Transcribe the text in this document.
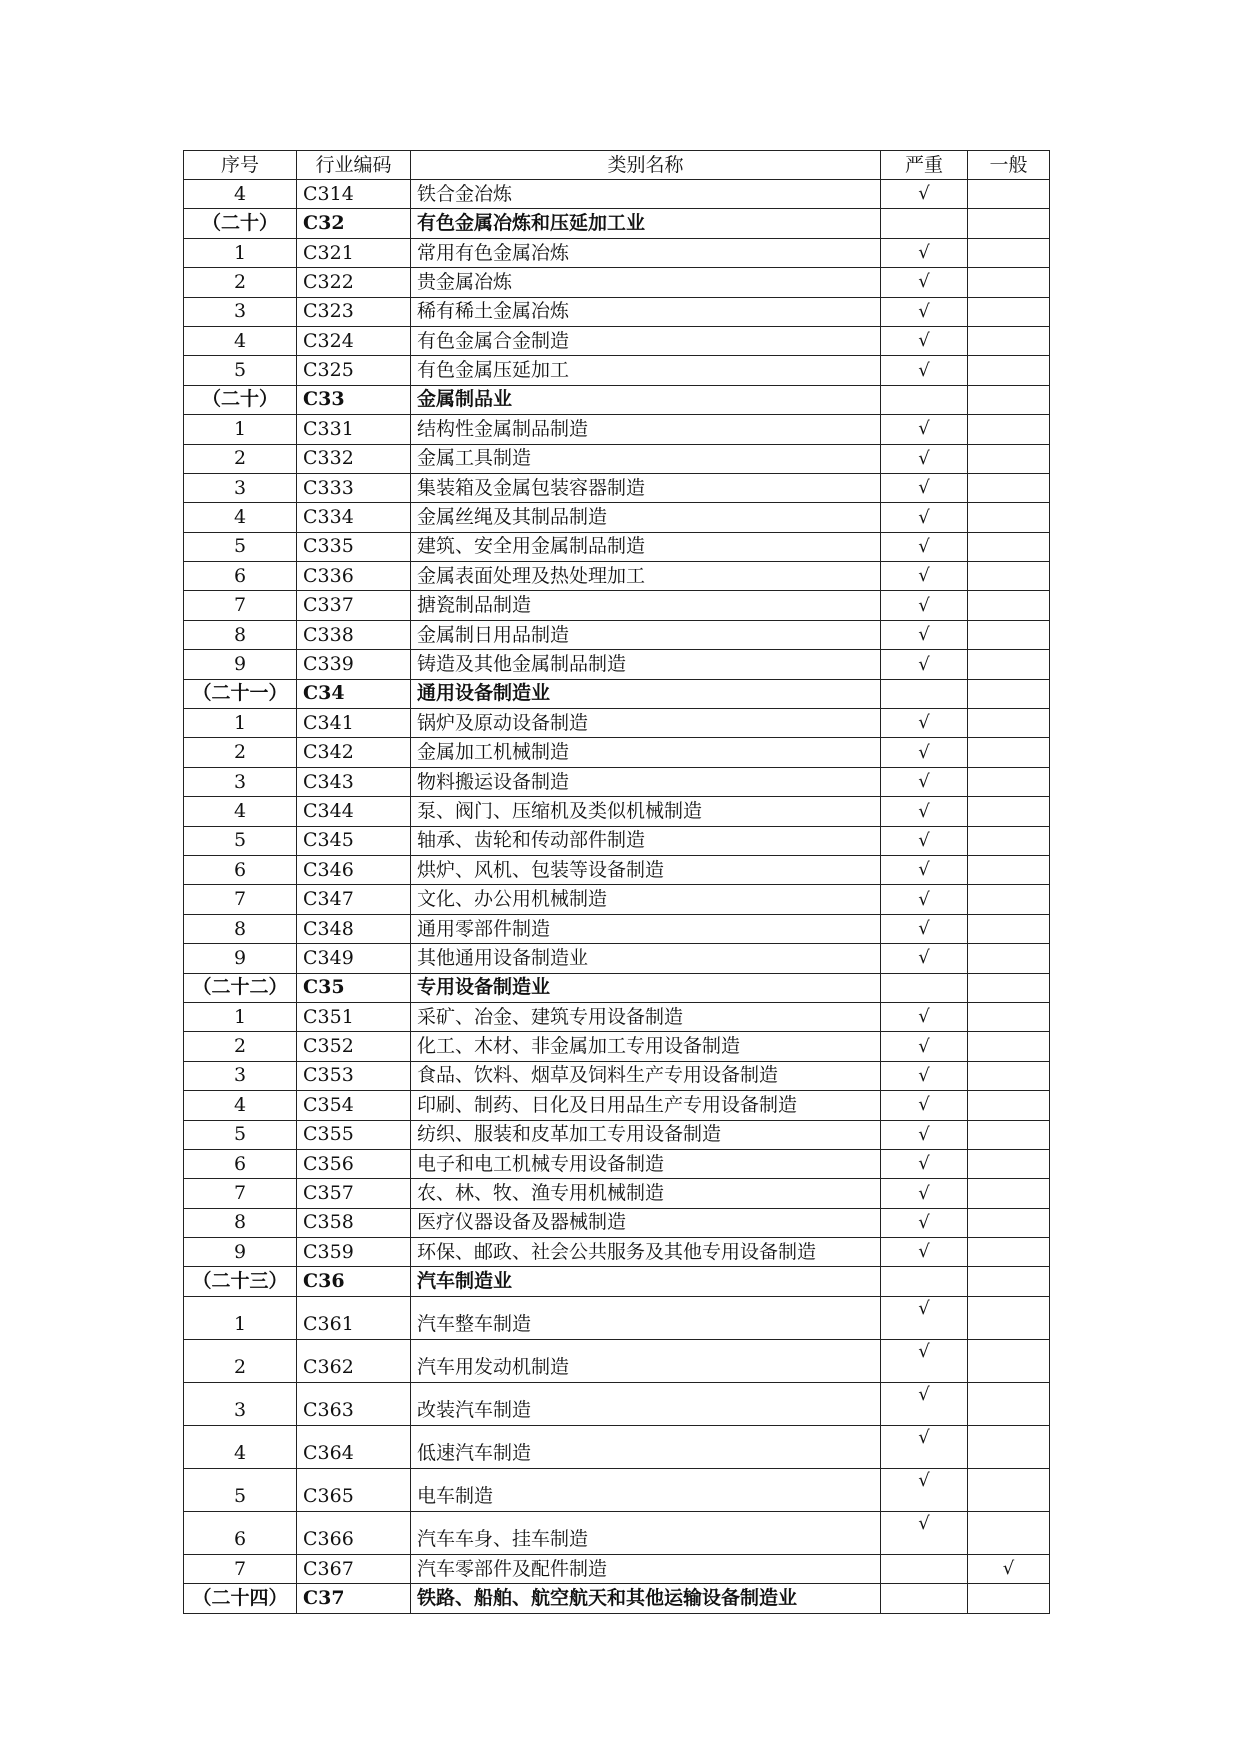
序号	行业编码	类别名称	严重	一般
4	C314	铁合金冶炼	√	
（二十）	C32	有色金属冶炼和压延加工业		
1	C321	常用有色金属冶炼	√	
2	C322	贵金属冶炼	√	
3	C323	稀有稀土金属冶炼	√	
4	C324	有色金属合金制造	√	
5	C325	有色金属压延加工	√	
（二十）	C33	金属制品业		
1	C331	结构性金属制品制造	√	
2	C332	金属工具制造	√	
3	C333	集装箱及金属包装容器制造	√	
4	C334	金属丝绳及其制品制造	√	
5	C335	建筑、安全用金属制品制造	√	
6	C336	金属表面处理及热处理加工	√	
7	C337	搪瓷制品制造	√	
8	C338	金属制日用品制造	√	
9	C339	铸造及其他金属制品制造	√	
（二十一）	C34	通用设备制造业		
1	C341	锅炉及原动设备制造	√	
2	C342	金属加工机械制造	√	
3	C343	物料搬运设备制造	√	
4	C344	泵、阀门、压缩机及类似机械制造	√	
5	C345	轴承、齿轮和传动部件制造	√	
6	C346	烘炉、风机、包装等设备制造	√	
7	C347	文化、办公用机械制造	√	
8	C348	通用零部件制造	√	
9	C349	其他通用设备制造业	√	
（二十二）	C35	专用设备制造业		
1	C351	采矿、冶金、建筑专用设备制造	√	
2	C352	化工、木材、非金属加工专用设备制造	√	
3	C353	食品、饮料、烟草及饲料生产专用设备制造	√	
4	C354	印刷、制药、日化及日用品生产专用设备制造	√	
5	C355	纺织、服装和皮革加工专用设备制造	√	
6	C356	电子和电工机械专用设备制造	√	
7	C357	农、林、牧、渔专用机械制造	√	
8	C358	医疗仪器设备及器械制造	√	
9	C359	环保、邮政、社会公共服务及其他专用设备制造	√	
（二十三）	C36	汽车制造业		
1	C361	汽车整车制造	√	
2	C362	汽车用发动机制造	√	
3	C363	改装汽车制造	√	
4	C364	低速汽车制造	√	
5	C365	电车制造	√	
6	C366	汽车车身、挂车制造	√	
7	C367	汽车零部件及配件制造		√
（二十四）	C37	铁路、船舶、航空航天和其他运输设备制造业		
